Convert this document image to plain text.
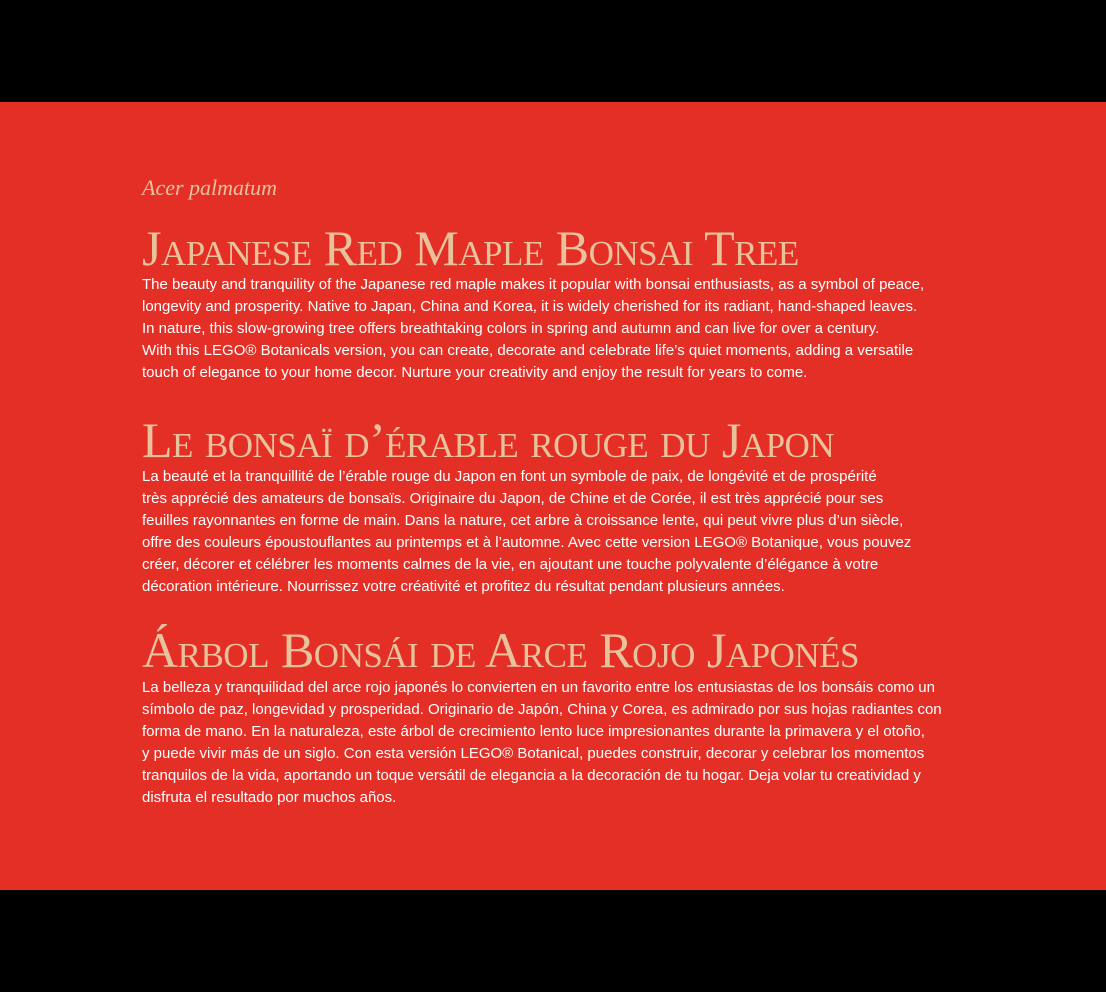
Acer palmatum

Japanese Red Maple Bonsai Tree

The beauty and tranquility of the Japanese red maple makes it popular with bonsai enthusiasts, as a symbol of peace,
longevity and prosperity. Native to Japan, China and Korea, it is widely cherished for its radiant, hand-shaped leaves.
In nature, this slow-growing tree offers breathtaking colors in spring and autumn and can live for over a century.
With this LEGO® Botanicals version, you can create, decorate and celebrate life’s quiet moments, adding a versatile
touch of elegance to your home decor. Nurture your creativity and enjoy the result for years to come.

Le bonsaï d’érable rouge du Japon

La beauté et la tranquillité de l’érable rouge du Japon en font un symbole de paix, de longévité et de prospérité
très apprécié des amateurs de bonsaïs. Originaire du Japon, de Chine et de Corée, il est très apprécié pour ses
feuilles rayonnantes en forme de main. Dans la nature, cet arbre à croissance lente, qui peut vivre plus d’un siècle,
offre des couleurs époustouflantes au printemps et à l’automne. Avec cette version LEGO® Botanique, vous pouvez
créer, décorer et célébrer les moments calmes de la vie, en ajoutant une touche polyvalente d’élégance à votre
décoration intérieure. Nourrissez votre créativité et profitez du résultat pendant plusieurs années.

Árbol Bonsái de Arce Rojo Japonés

La belleza y tranquilidad del arce rojo japonés lo convierten en un favorito entre los entusiastas de los bonsáis como un
símbolo de paz, longevidad y prosperidad. Originario de Japón, China y Corea, es admirado por sus hojas radiantes con
forma de mano. En la naturaleza, este árbol de crecimiento lento luce impresionantes durante la primavera y el otoño,
y puede vivir más de un siglo. Con esta versión LEGO® Botanical, puedes construir, decorar y celebrar los momentos
tranquilos de la vida, aportando un toque versátil de elegancia a la decoración de tu hogar. Deja volar tu creatividad y
disfruta el resultado por muchos años.
